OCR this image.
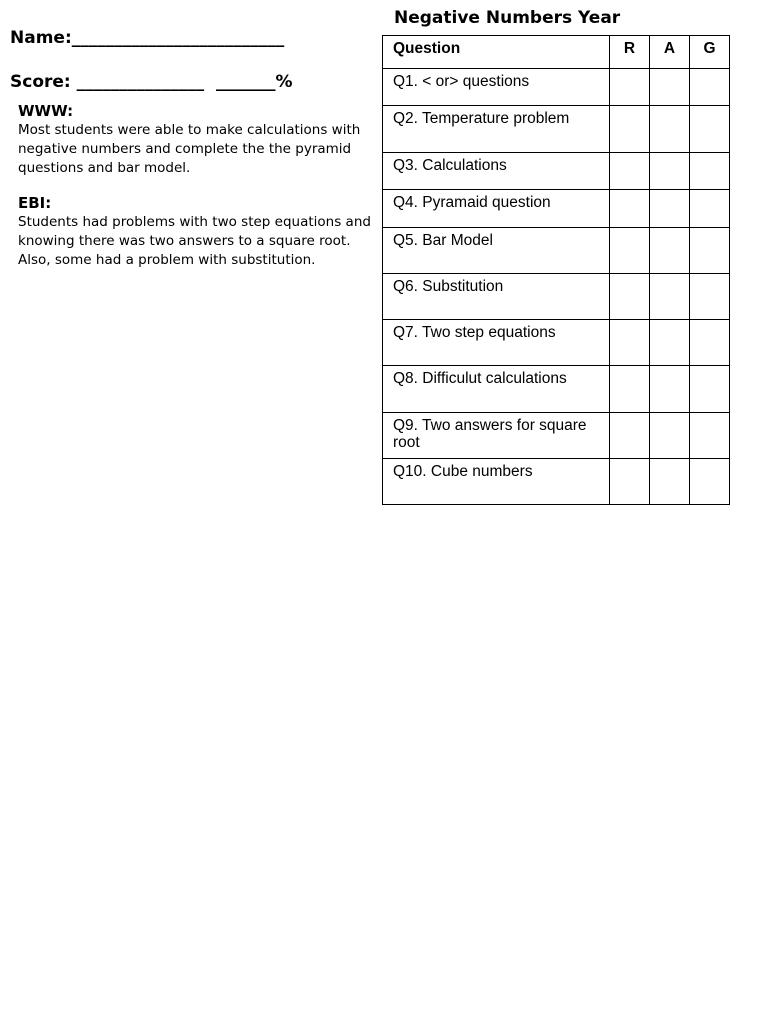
Name:_________________________
Score: _______________  _______%
WWW:
Most students were able to make calculations with negative numbers and complete the the pyramid questions and bar model.
EBI:
Students had problems with two step equations and knowing there was two answers to a square root. Also, some had a problem with substitution.
Negative Numbers Year
Question	R	A	G
Q1. < or> questions			
Q2. Temperature problem			
Q3. Calculations			
Q4. Pyramaid question			
Q5. Bar Model			
Q6. Substitution			
Q7. Two step equations			
Q8. Difficulut calculations			
Q9. Two answers for square root			
Q10. Cube numbers			
